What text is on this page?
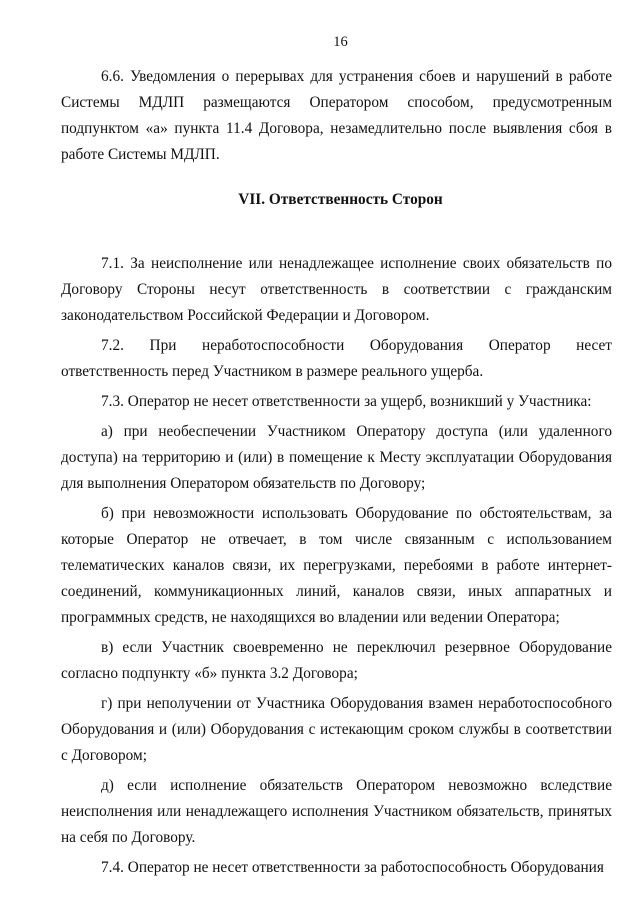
16

6.6. Уведомления о перерывах для устранения сбоев и нарушений в работе Системы МДЛП размещаются Оператором способом, предусмотренным подпунктом «а» пункта 11.4 Договора, незамедлительно после выявления сбоя в работе Системы МДЛП.

VII. Ответственность Сторон

7.1. За неисполнение или ненадлежащее исполнение своих обязательств по Договору Стороны несут ответственность в соответствии с гражданским законодательством Российской Федерации и Договором.

7.2. При неработоспособности Оборудования Оператор несет ответственность перед Участником в размере реального ущерба.

7.3. Оператор не несет ответственности за ущерб, возникший у Участника:

а) при необеспечении Участником Оператору доступа (или удаленного доступа) на территорию и (или) в помещение к Месту эксплуатации Оборудования для выполнения Оператором обязательств по Договору;

б) при невозможности использовать Оборудование по обстоятельствам, за которые Оператор не отвечает, в том числе связанным с использованием телематических каналов связи, их перегрузками, перебоями в работе интернет-соединений, коммуникационных линий, каналов связи, иных аппаратных и программных средств, не находящихся во владении или ведении Оператора;

в) если Участник своевременно не переключил резервное Оборудование согласно подпункту «б» пункта 3.2 Договора;

г) при неполучении от Участника Оборудования взамен неработоспособного Оборудования и (или) Оборудования с истекающим сроком службы в соответствии с Договором;

д) если исполнение обязательств Оператором невозможно вследствие неисполнения или ненадлежащего исполнения Участником обязательств, принятых на себя по Договору.

7.4. Оператор не несет ответственности за работоспособность Оборудования
